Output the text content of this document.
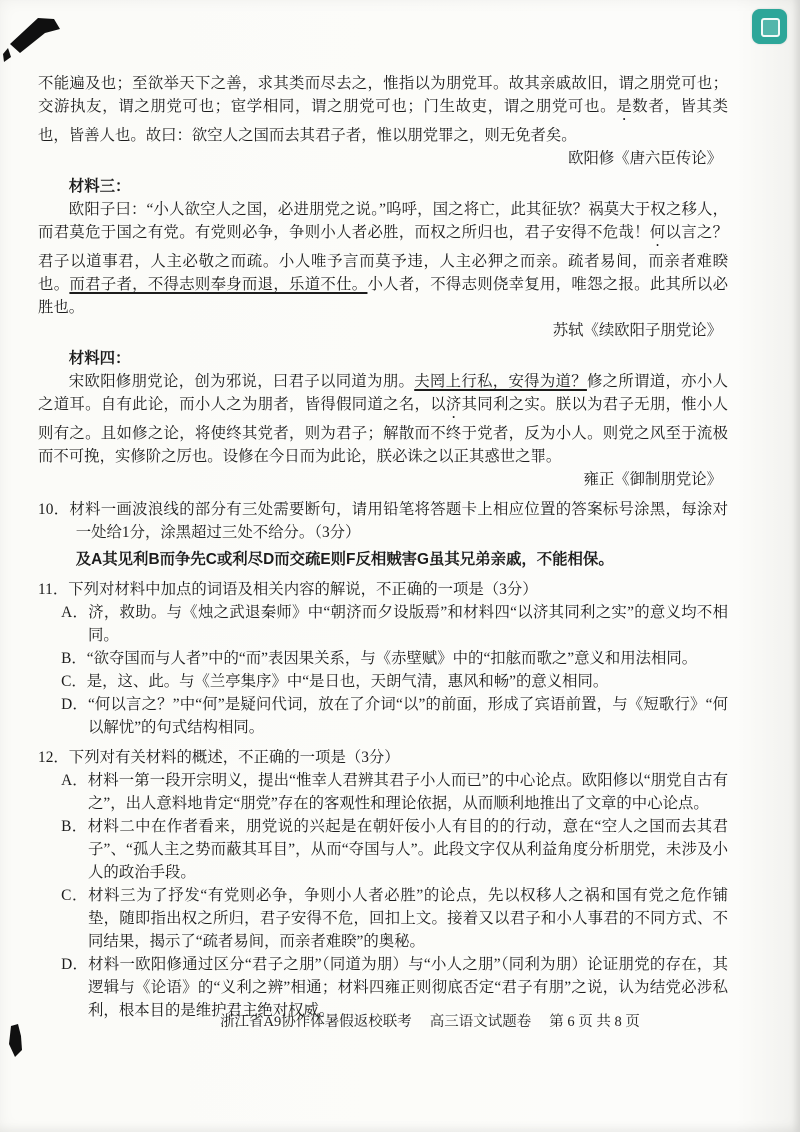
不能遍及也；至欲举天下之善，求其类而尽去之，惟指以为朋党耳。故其亲戚故旧，谓之朋党可也；交游执友，谓之朋党可也；宦学相同，谓之朋党可也；门生故吏，谓之朋党可也。是数者，皆其类也，皆善人也。故曰：欲空人之国而去其君子者，惟以朋党罪之，则无免者矣。

欧阳修《唐六臣传论》

材料三：

欧阳子曰：“小人欲空人之国，必进朋党之说。”呜呼，国之将亡，此其征欤？祸莫大于权之移人，而君莫危于国之有党。有党则必争，争则小人者必胜，而权之所归也，君子安得不危哉！何以言之？君子以道事君，人主必敬之而疏。小人唯予言而莫予违，人主必狎之而亲。疏者易间，而亲者难睽也。而君子者，不得志则奉身而退，乐道不仕。小人者，不得志则侥幸复用，唯怨之报。此其所以必胜也。

苏轼《续欧阳子朋党论》

材料四：

宋欧阳修朋党论，创为邪说，曰君子以同道为朋。夫罔上行私，安得为道？修之所谓道，亦小人之道耳。自有此论，而小人之为朋者，皆得假同道之名，以济其同利之实。朕以为君子无朋，惟小人则有之。且如修之论，将使终其党者，则为君子；解散而不终于党者，反为小人。则党之风至于流极而不可挽，实修阶之厉也。设修在今日而为此论，朕必诛之以正其惑世之罪。

雍正《御制朋党论》

10．材料一画波浪线的部分有三处需要断句，请用铅笔将答题卡上相应位置的答案标号涂黑，每涂对一处给1分，涂黑超过三处不给分。（3分）

及A其见利B而争先C或利尽D而交疏E则F反相贼害G虽其兄弟亲戚，不能相保。

11．下列对材料中加点的词语及相关内容的解说，不正确的一项是（3分）

A．济，救助。与《烛之武退秦师》中“朝济而夕设版焉”和材料四“以济其同利之实”的意义均不相同。

B．“欲夺国而与人者”中的“而”表因果关系，与《赤壁赋》中的“扣舷而歌之”意义和用法相同。

C．是，这、此。与《兰亭集序》中“是日也，天朗气清，惠风和畅”的意义相同。

D．“何以言之？”中“何”是疑问代词，放在了介词“以”的前面，形成了宾语前置，与《短歌行》“何以解忧”的句式结构相同。

12．下列对有关材料的概述，不正确的一项是（3分）

A．材料一第一段开宗明义，提出“惟幸人君辨其君子小人而已”的中心论点。欧阳修以“朋党自古有之”，出人意料地肯定“朋党”存在的客观性和理论依据，从而顺利地推出了文章的中心论点。

B．材料二中在作者看来，朋党说的兴起是在朝奸佞小人有目的的行动，意在“空人之国而去其君子”、“孤人主之势而蔽其耳目”，从而“夺国与人”。此段文字仅从利益角度分析朋党，未涉及小人的政治手段。

C．材料三为了抒发“有党则必争，争则小人者必胜”的论点，先以权移人之祸和国有党之危作铺垫，随即指出权之所归，君子安得不危，回扣上文。接着又以君子和小人事君的不同方式、不同结果，揭示了“疏者易间，而亲者难睽”的奥秘。

D．材料一欧阳修通过区分“君子之朋”（同道为朋）与“小人之朋”（同利为朋）论证朋党的存在，其逻辑与《论语》的“义利之辨”相通；材料四雍正则彻底否定“君子有朋”之说，认为结党必涉私利，根本目的是维护君主绝对权威。

浙江省A9协作体暑假返校联考 高三语文试题卷 第 6 页 共 8 页
